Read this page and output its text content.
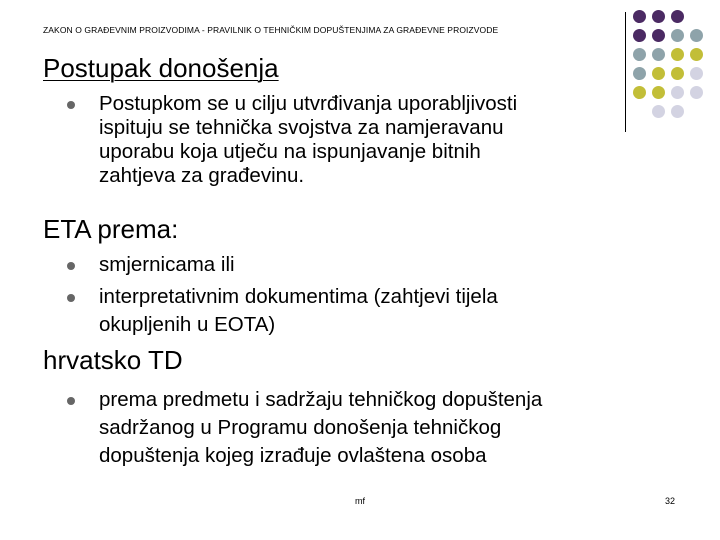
ZAKON O GRAĐEVNIM PROIZVODIMA - PRAVILNIK O TEHNIČKIM DOPUŠTENJIMA ZA GRAĐEVNE PROIZVODE
Postupak donošenja
Postupkom se u cilju utvrđivanja uporabljivosti
ispituju se tehnička svojstva za namjeravanu
uporabu koja utječu na ispunjavanje bitnih
zahtjeva za građevinu.
ETA prema:
smjernicama ili
interpretativnim dokumentima (zahtjevi tijela
okupljenih u EOTA)
hrvatsko TD
prema predmetu i sadržaju tehničkog dopuštenja
sadržanog u Programu donošenja tehničkog
dopuštenja kojeg izrađuje ovlaštena osoba
mf	32
